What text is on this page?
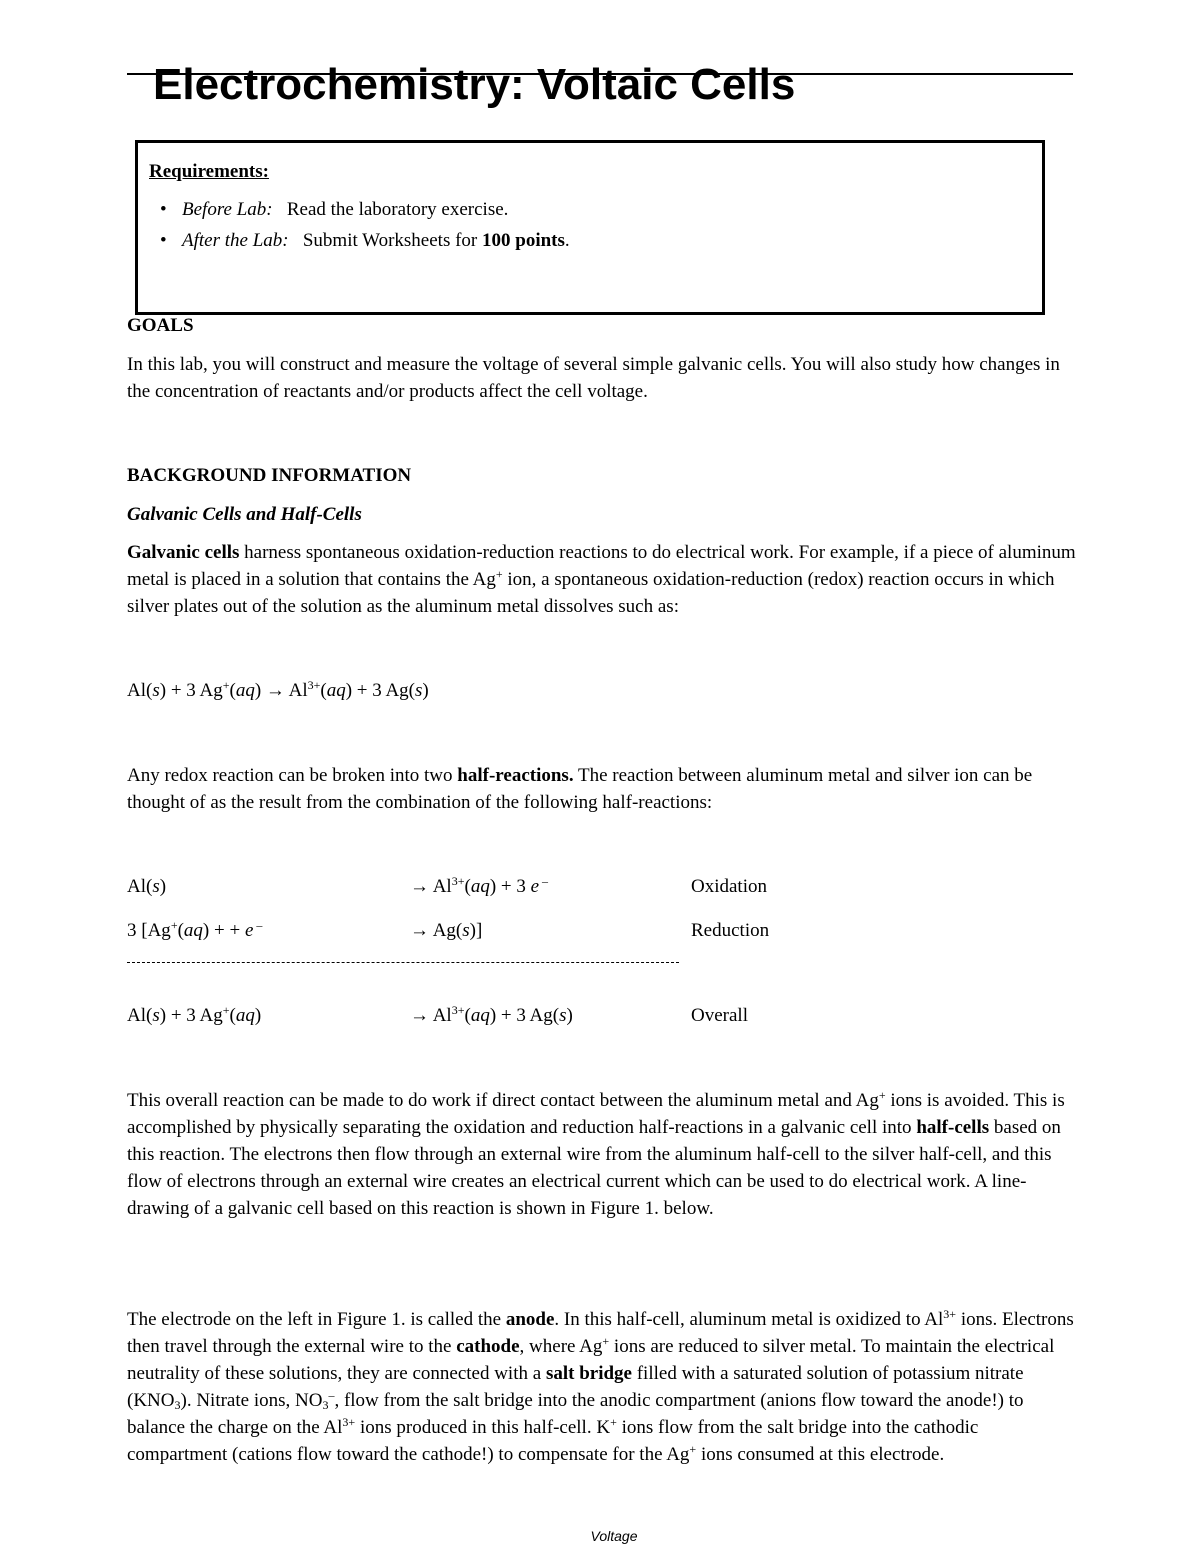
Electrochemistry: Voltaic Cells
Requirements:
• Before Lab: Read the laboratory exercise.
• After the Lab: Submit Worksheets for 100 points.
GOALS
In this lab, you will construct and measure the voltage of several simple galvanic cells. You will also study how changes in the concentration of reactants and/or products affect the cell voltage.
BACKGROUND INFORMATION
Galvanic Cells and Half-Cells
Galvanic cells harness spontaneous oxidation-reduction reactions to do electrical work. For example, if a piece of aluminum metal is placed in a solution that contains the Ag+ ion, a spontaneous oxidation-reduction (redox) reaction occurs in which silver plates out of the solution as the aluminum metal dissolves such as:
Al(s) + 3 $Ag^+(aq) \to Al^{3+}(aq) + 3$ Ag(s)
Any redox reaction can be broken into two half-reactions. The reaction between aluminum metal and silver ion can be thought of as the result from the combination of the following half-reactions:
Al(s)	→ $Al^{3+}(aq) + 3$ e –	Oxidation
3 [Ag+(aq) + + e –	→ Ag(s)]	Reduction
Al(s) + 3 Ag+(aq)	→ $Al^{3+}(aq) + 3$ Ag(s)	Overall
This overall reaction can be made to do work if direct contact between the aluminum metal and Ag+ ions is avoided. This is accomplished by physically separating the oxidation and reduction half-reactions in a galvanic cell into half-cells based on this reaction. The electrons then flow through an external wire from the aluminum half-cell to the silver half-cell, and this flow of electrons through an external wire creates an electrical current which can be used to do electrical work. A line-drawing of a galvanic cell based on this reaction is shown in Figure 1. below.
The electrode on the left in Figure 1. is called the anode. In this half-cell, aluminum metal is oxidized to $Al^{3+}$ ions. Electrons then travel through the external wire to the cathode, where Ag+ ions are reduced to silver metal. To maintain the electrical neutrality of these solutions, they are connected with a salt bridge filled with a saturated solution of potassium nitrate $(KNO_3)$. Nitrate ions, $NO_3^-$, flow from the salt bridge into the anodic compartment (anions flow toward the anode!) to balance the charge on the $Al^{3+}$ ions produced in this half-cell. K+ ions flow from the salt bridge into the cathodic compartment (cations flow toward the cathode!) to compensate for the Ag+ ions consumed at this electrode.
Voltage
